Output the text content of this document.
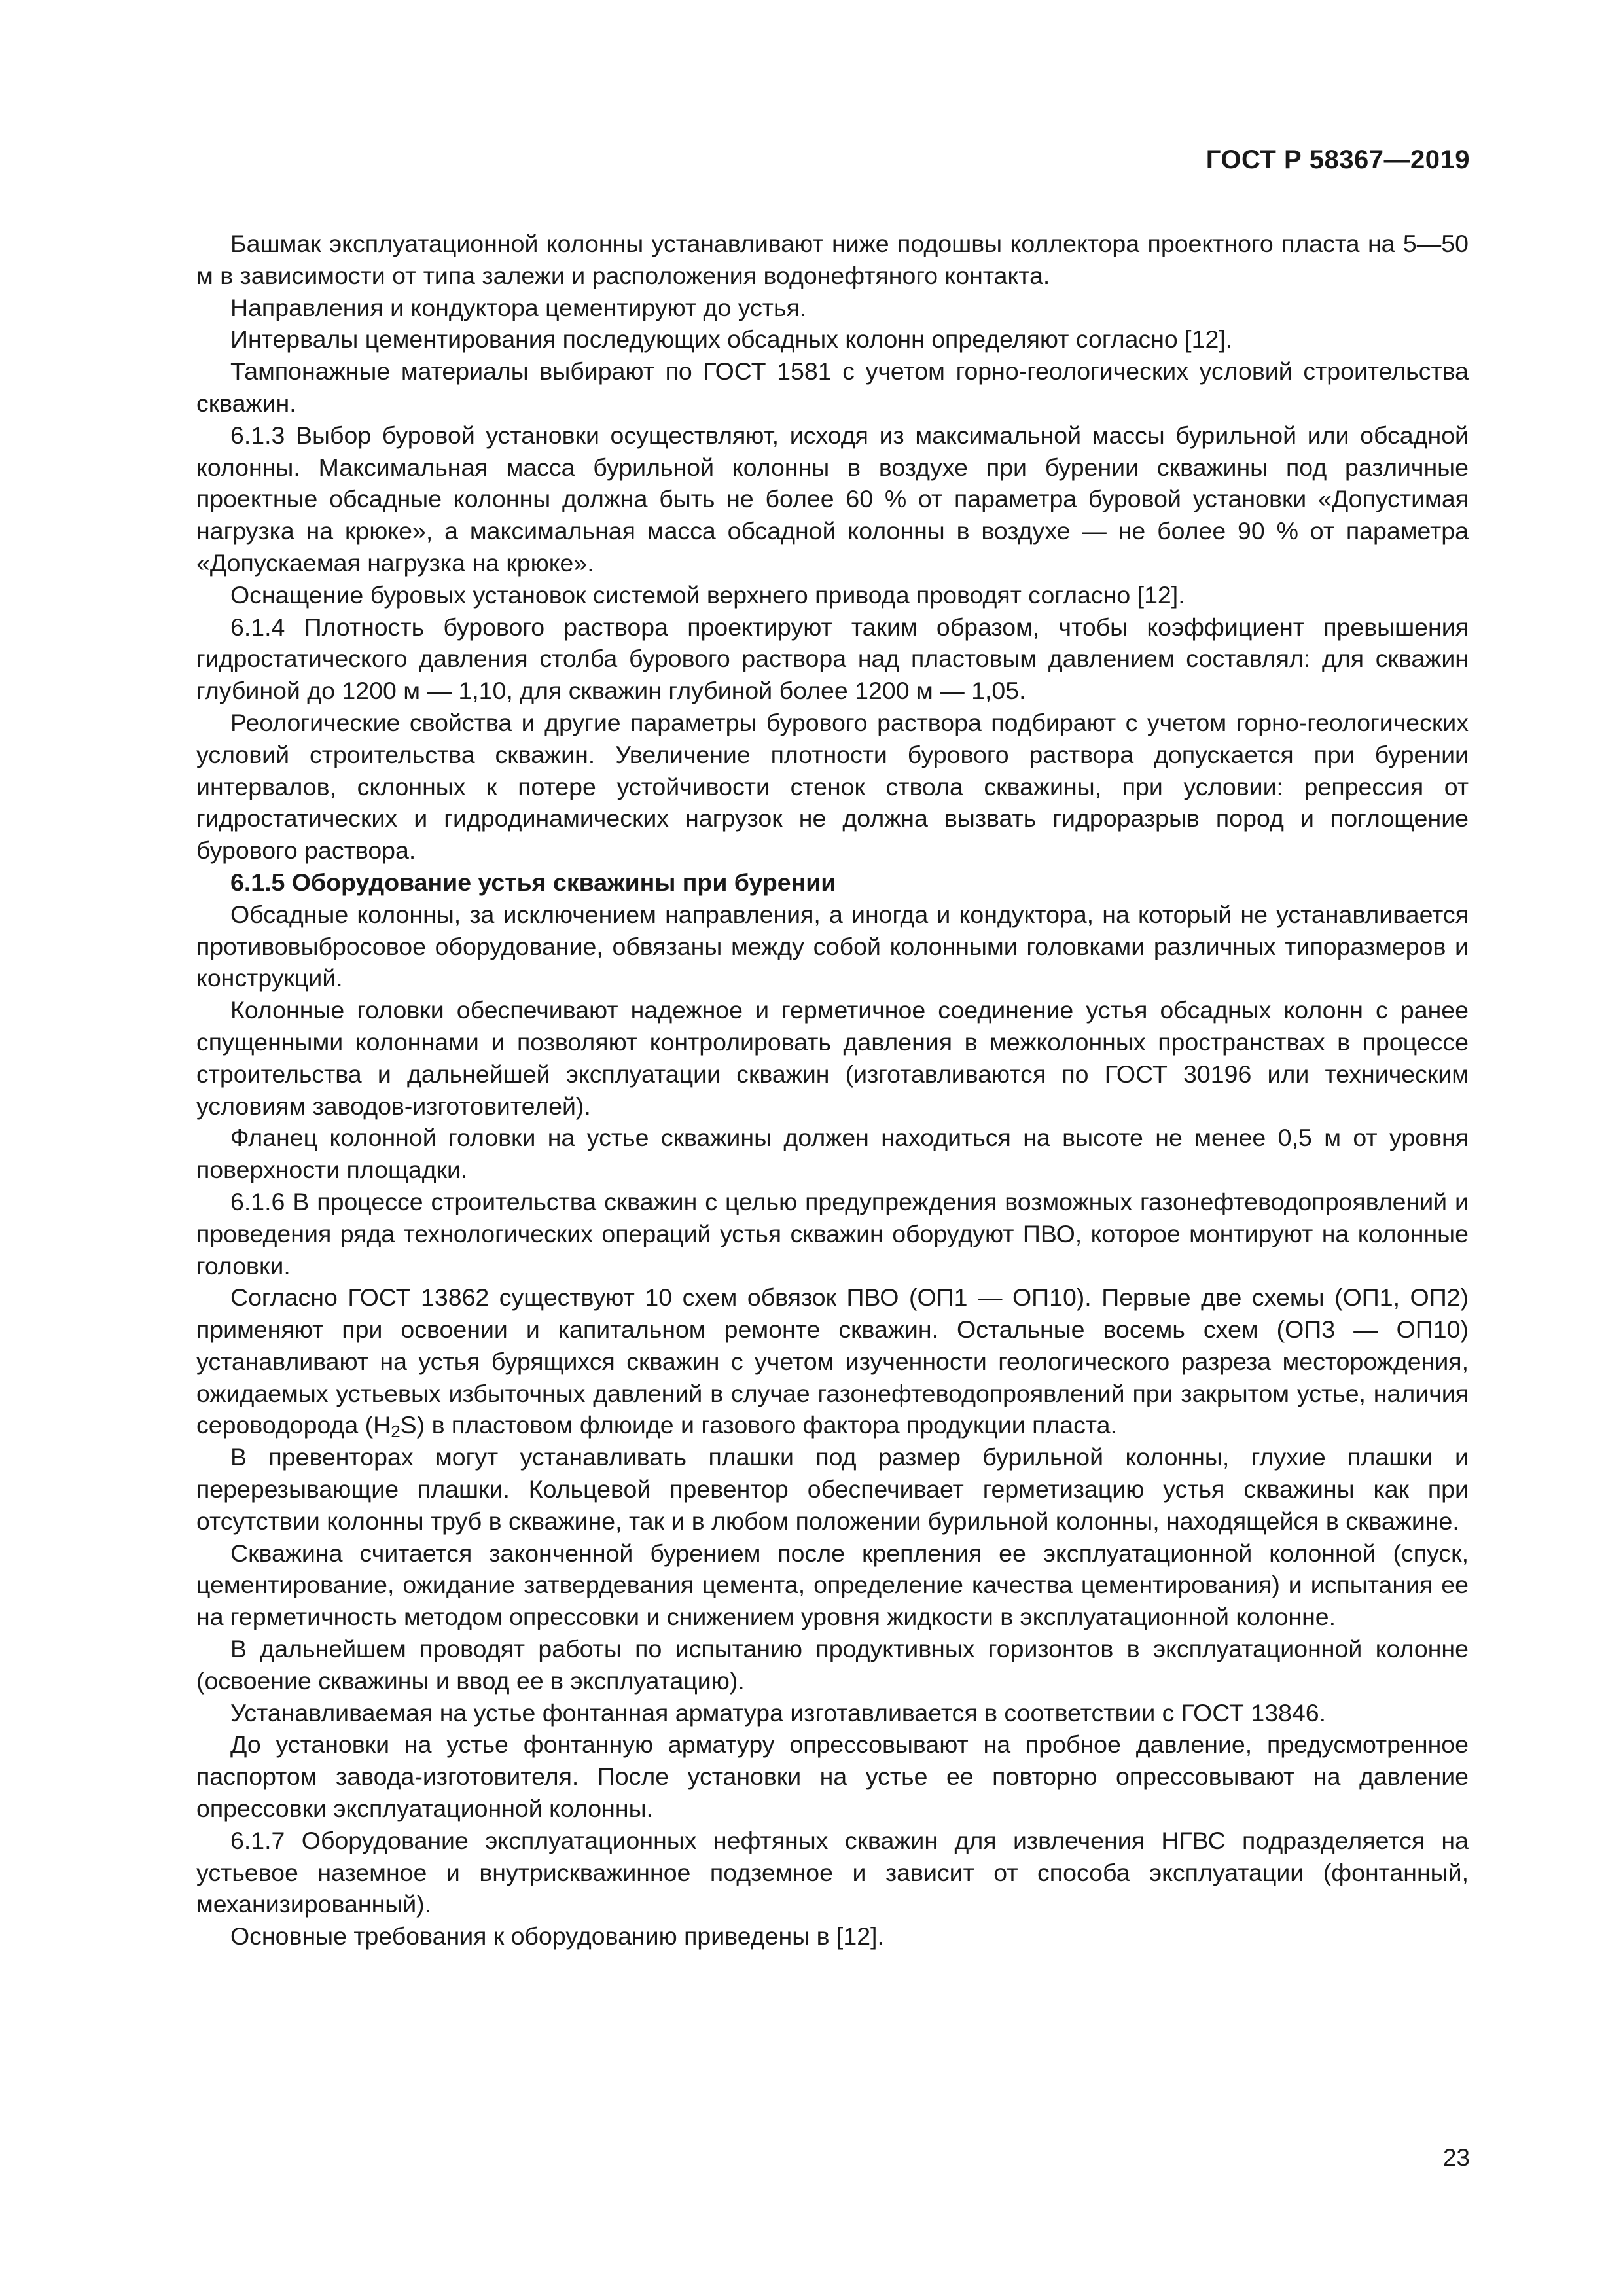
ГОСТ Р 58367—2019

Башмак эксплуатационной колонны устанавливают ниже подошвы коллектора проектного пласта на 5—50 м в зависимости от типа залежи и расположения водонефтяного контакта.

Направления и кондуктора цементируют до устья.

Интервалы цементирования последующих обсадных колонн определяют согласно [12].

Тампонажные материалы выбирают по ГОСТ 1581 с учетом горно-геологических условий строительства скважин.

6.1.3 Выбор буровой установки осуществляют, исходя из максимальной массы бурильной или обсадной колонны. Максимальная масса бурильной колонны в воздухе при бурении скважины под различные проектные обсадные колонны должна быть не более 60 % от параметра буровой установки «Допустимая нагрузка на крюке», а максимальная масса обсадной колонны в воздухе — не более 90 % от параметра «Допускаемая нагрузка на крюке».

Оснащение буровых установок системой верхнего привода проводят согласно [12].

6.1.4 Плотность бурового раствора проектируют таким образом, чтобы коэффициент превышения гидростатического давления столба бурового раствора над пластовым давлением составлял: для скважин глубиной до 1200 м — 1,10, для скважин глубиной более 1200 м — 1,05.

Реологические свойства и другие параметры бурового раствора подбирают с учетом горно-геологических условий строительства скважин. Увеличение плотности бурового раствора допускается при бурении интервалов, склонных к потере устойчивости стенок ствола скважины, при условии: репрессия от гидростатических и гидродинамических нагрузок не должна вызвать гидроразрыв пород и поглощение бурового раствора.

6.1.5 Оборудование устья скважины при бурении

Обсадные колонны, за исключением направления, а иногда и кондуктора, на который не устанавливается противовыбросовое оборудование, обвязаны между собой колонными головками различных типоразмеров и конструкций.

Колонные головки обеспечивают надежное и герметичное соединение устья обсадных колонн с ранее спущенными колоннами и позволяют контролировать давления в межколонных пространствах в процессе строительства и дальнейшей эксплуатации скважин (изготавливаются по ГОСТ 30196 или техническим условиям заводов-изготовителей).

Фланец колонной головки на устье скважины должен находиться на высоте не менее 0,5 м от уровня поверхности площадки.

6.1.6 В процессе строительства скважин с целью предупреждения возможных газонефтеводопроявлений и проведения ряда технологических операций устья скважин оборудуют ПВО, которое монтируют на колонные головки.

Согласно ГОСТ 13862 существуют 10 схем обвязок ПВО (ОП1 — ОП10). Первые две схемы (ОП1, ОП2) применяют при освоении и капитальном ремонте скважин. Остальные восемь схем (ОП3 — ОП10) устанавливают на устья бурящихся скважин с учетом изученности геологического разреза месторождения, ожидаемых устьевых избыточных давлений в случае газонефтеводопроявлений при закрытом устье, наличия сероводорода $(H_2S)$ в пластовом флюиде и газового фактора продукции пласта.

В превенторах могут устанавливать плашки под размер бурильной колонны, глухие плашки и перерезывающие плашки. Кольцевой превентор обеспечивает герметизацию устья скважины как при отсутствии колонны труб в скважине, так и в любом положении бурильной колонны, находящейся в скважине.

Скважина считается законченной бурением после крепления ее эксплуатационной колонной (спуск, цементирование, ожидание затвердевания цемента, определение качества цементирования) и испытания ее на герметичность методом опрессовки и снижением уровня жидкости в эксплуатационной колонне.

В дальнейшем проводят работы по испытанию продуктивных горизонтов в эксплуатационной колонне (освоение скважины и ввод ее в эксплуатацию).

Устанавливаемая на устье фонтанная арматура изготавливается в соответствии с ГОСТ 13846.

До установки на устье фонтанную арматуру опрессовывают на пробное давление, предусмотренное паспортом завода-изготовителя. После установки на устье ее повторно опрессовывают на давление опрессовки эксплуатационной колонны.

6.1.7 Оборудование эксплуатационных нефтяных скважин для извлечения НГВС подразделяется на устьевое наземное и внутрискважинное подземное и зависит от способа эксплуатации (фонтанный, механизированный).

Основные требования к оборудованию приведены в [12].

23
